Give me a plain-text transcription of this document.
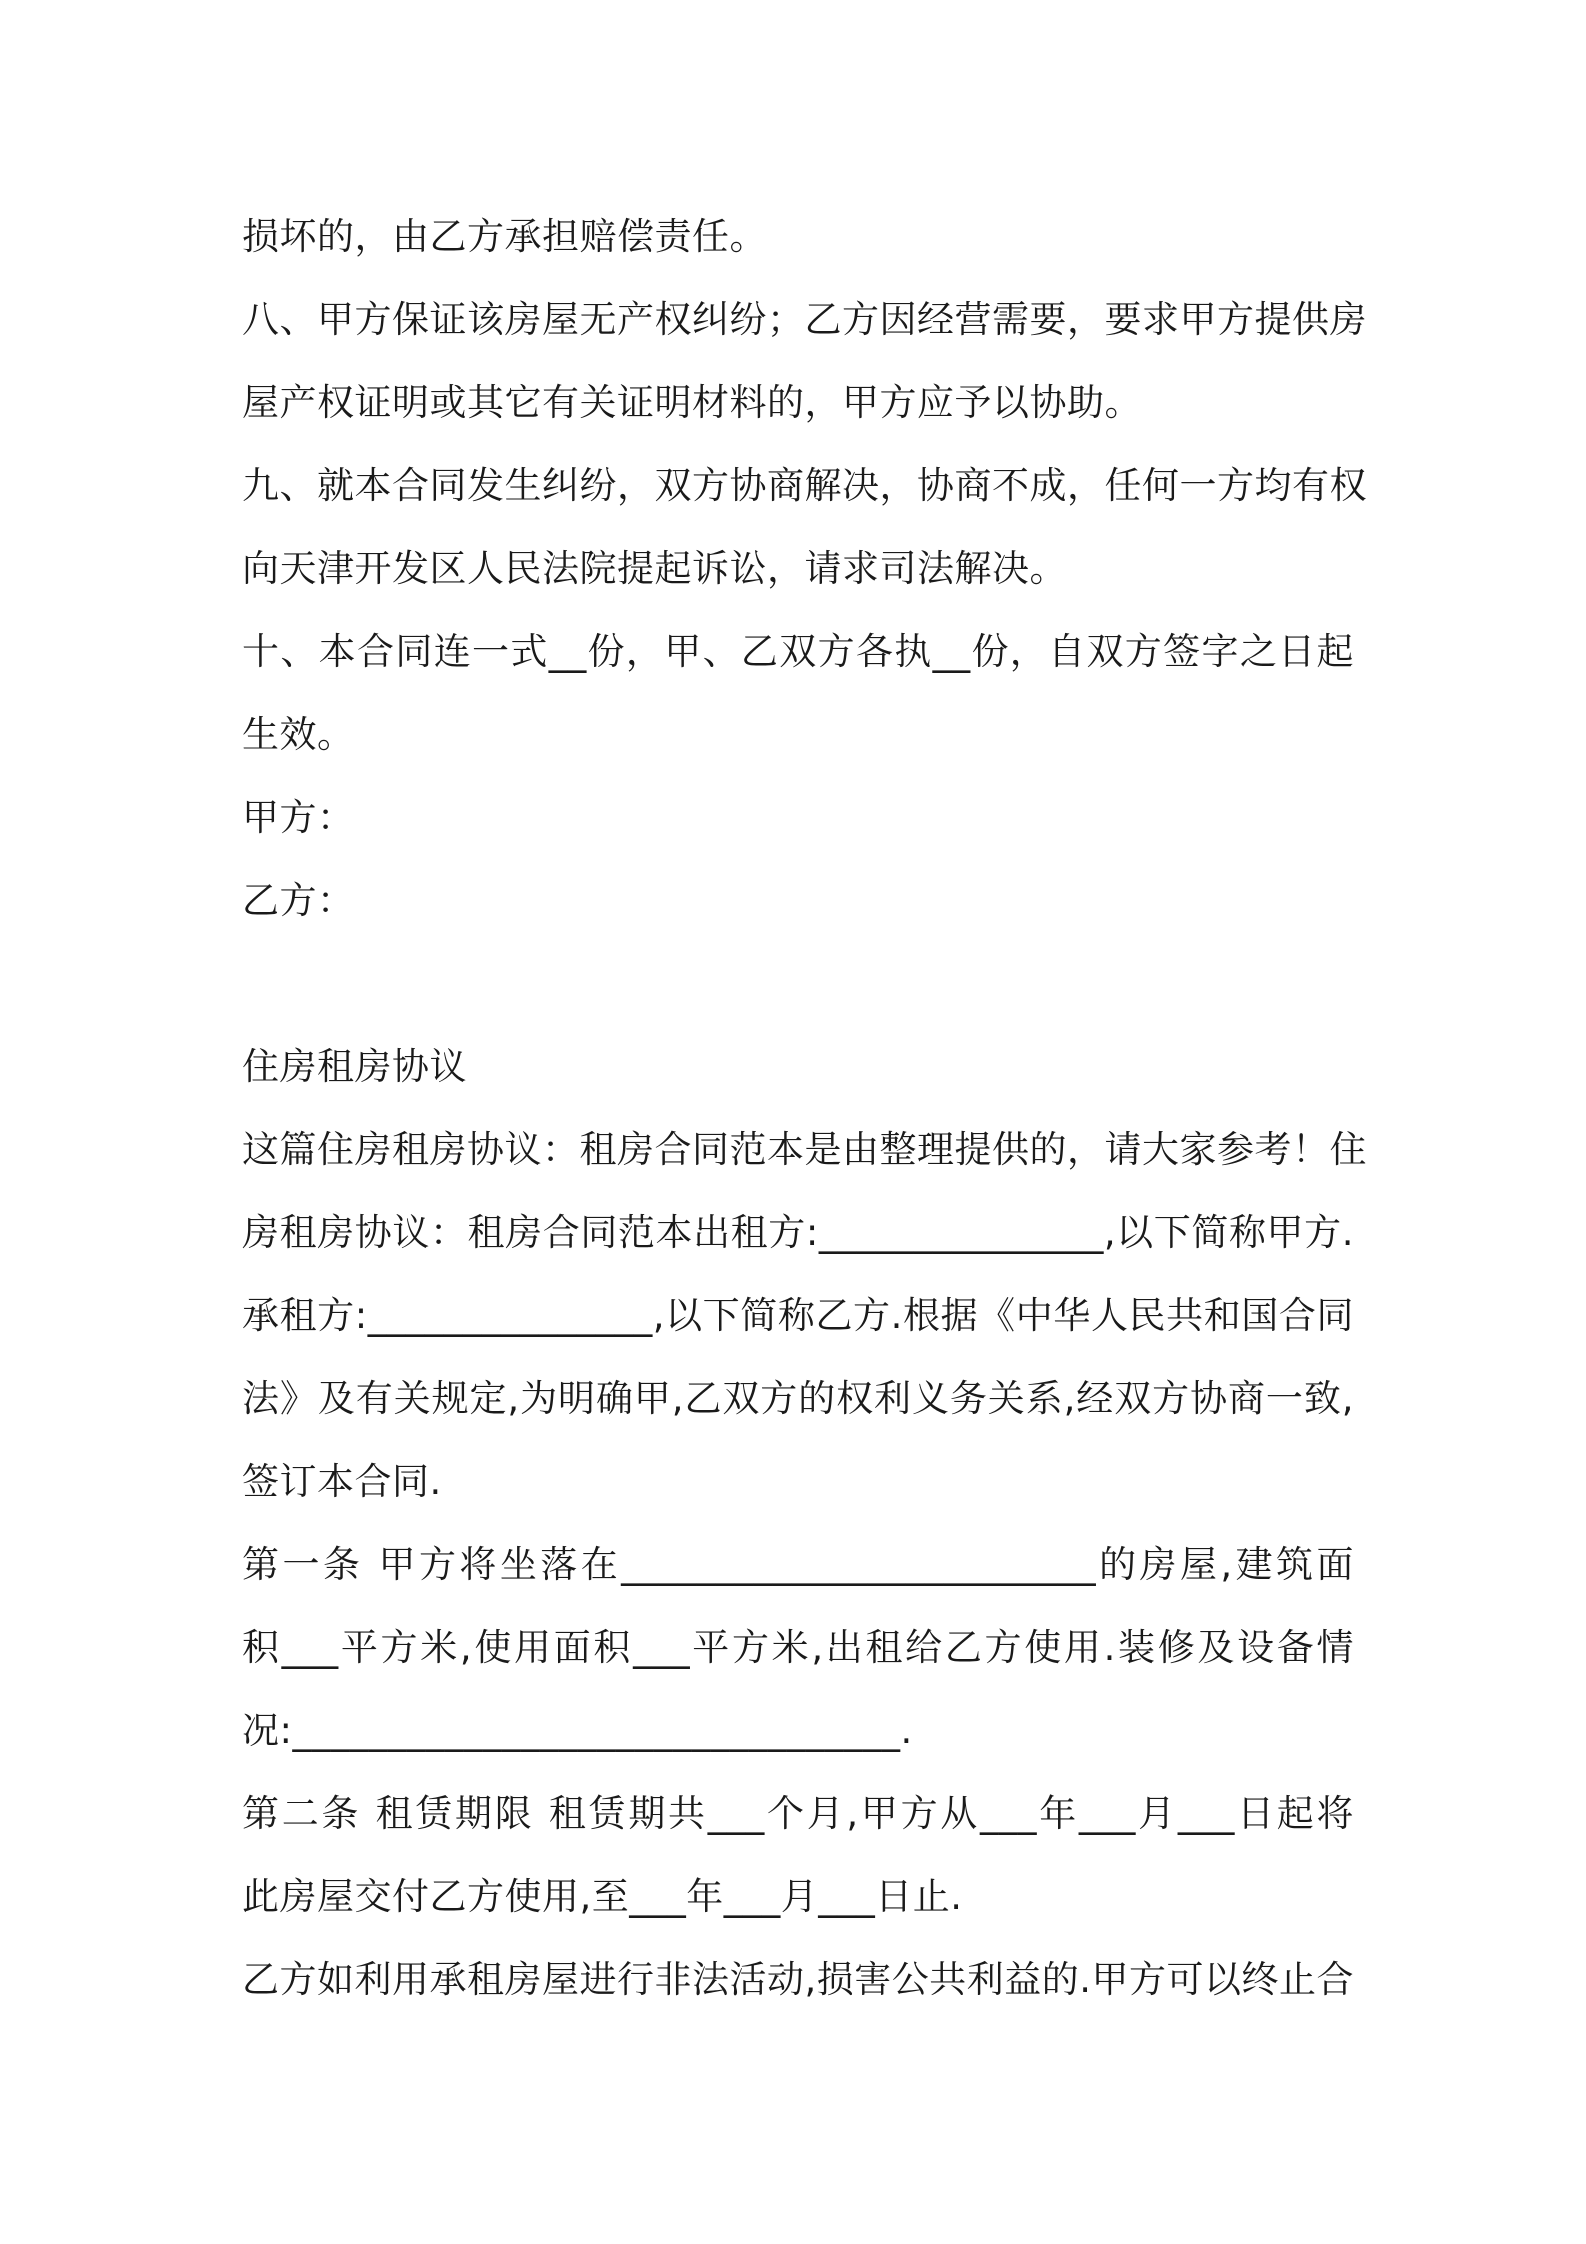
损坏的，由乙方承担赔偿责任。
八、甲方保证该房屋无产权纠纷；乙方因经营需要，要求甲方提供房
屋产权证明或其它有关证明材料的，甲方应予以协助。
九、就本合同发生纠纷，双方协商解决，协商不成，任何一方均有权
向天津开发区人民法院提起诉讼，请求司法解决。
十、本合同连一式__份，甲、乙双方各执__份，自双方签字之日起
生效。
甲方：
乙方：
住房租房协议
这篇住房租房协议：租房合同范本是由整理提供的，请大家参考！住
房租房协议：租房合同范本出租方:_______________,以下简称甲方.
承租方:_______________,以下简称乙方.根据《中华人民共和国合同
法》及有关规定,为明确甲,乙双方的权利义务关系,经双方协商一致,
签订本合同.
第一条 甲方将坐落在_________________________的房屋,建筑面
积___平方米,使用面积___平方米,出租给乙方使用.装修及设备情
况:________________________________.
第二条 租赁期限 租赁期共___个月,甲方从___年___月___日起将
此房屋交付乙方使用,至___年___月___日止.
乙方如利用承租房屋进行非法活动,损害公共利益的.甲方可以终止合
